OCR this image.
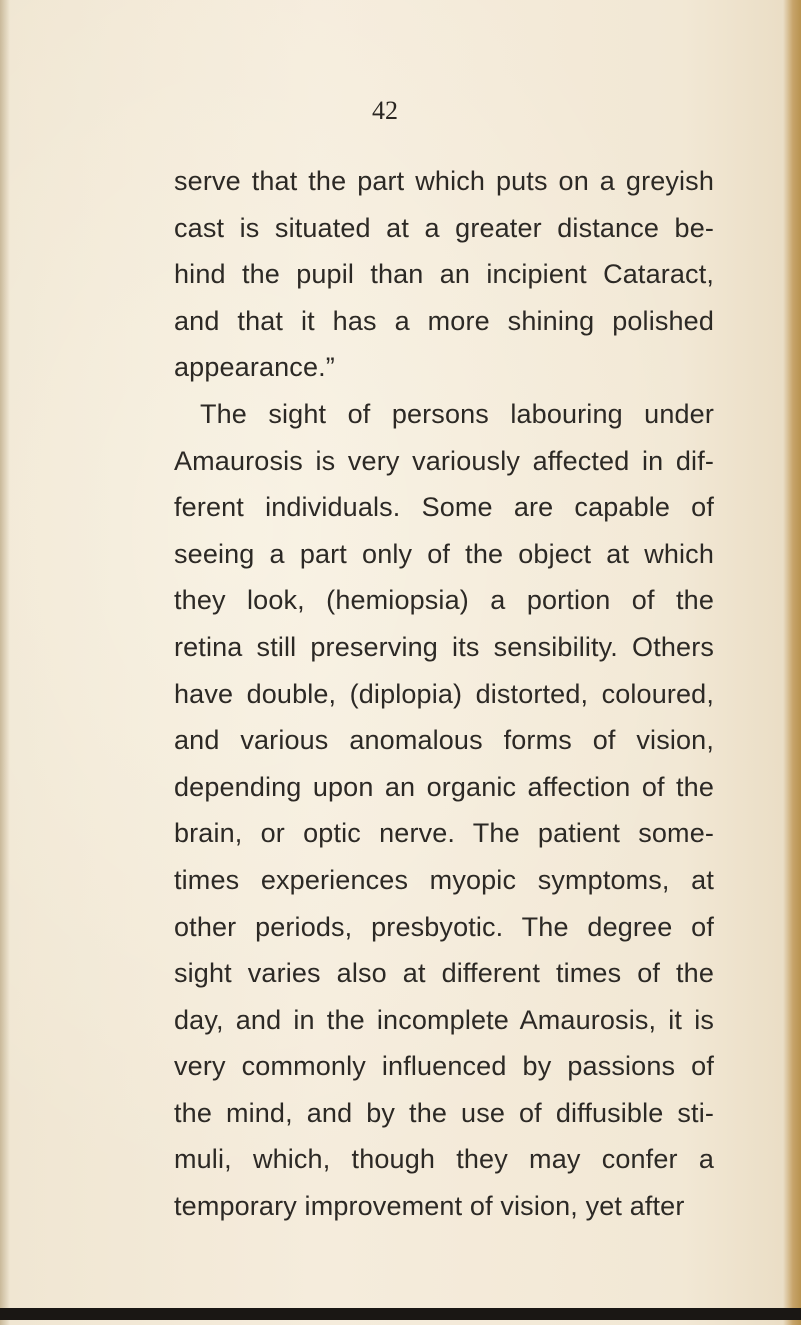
42
serve that the part which puts on a greyish
cast is situated at a greater distance be-
hind the pupil than an incipient Cataract,
and that it has a more shining polished
appearance.”
The sight of persons labouring under
Amaurosis is very variously affected in dif-
ferent individuals. Some are capable of
seeing a part only of the object at which
they look, (hemiopsia) a portion of the
retina still preserving its sensibility. Others
have double, (diplopia) distorted, coloured,
and various anomalous forms of vision,
depending upon an organic affection of the
brain, or optic nerve. The patient some-
times experiences myopic symptoms, at
other periods, presbyotic. The degree of
sight varies also at different times of the
day, and in the incomplete Amaurosis, it is
very commonly influenced by passions of
the mind, and by the use of diffusible sti-
muli, which, though they may confer a
temporary improvement of vision, yet after
